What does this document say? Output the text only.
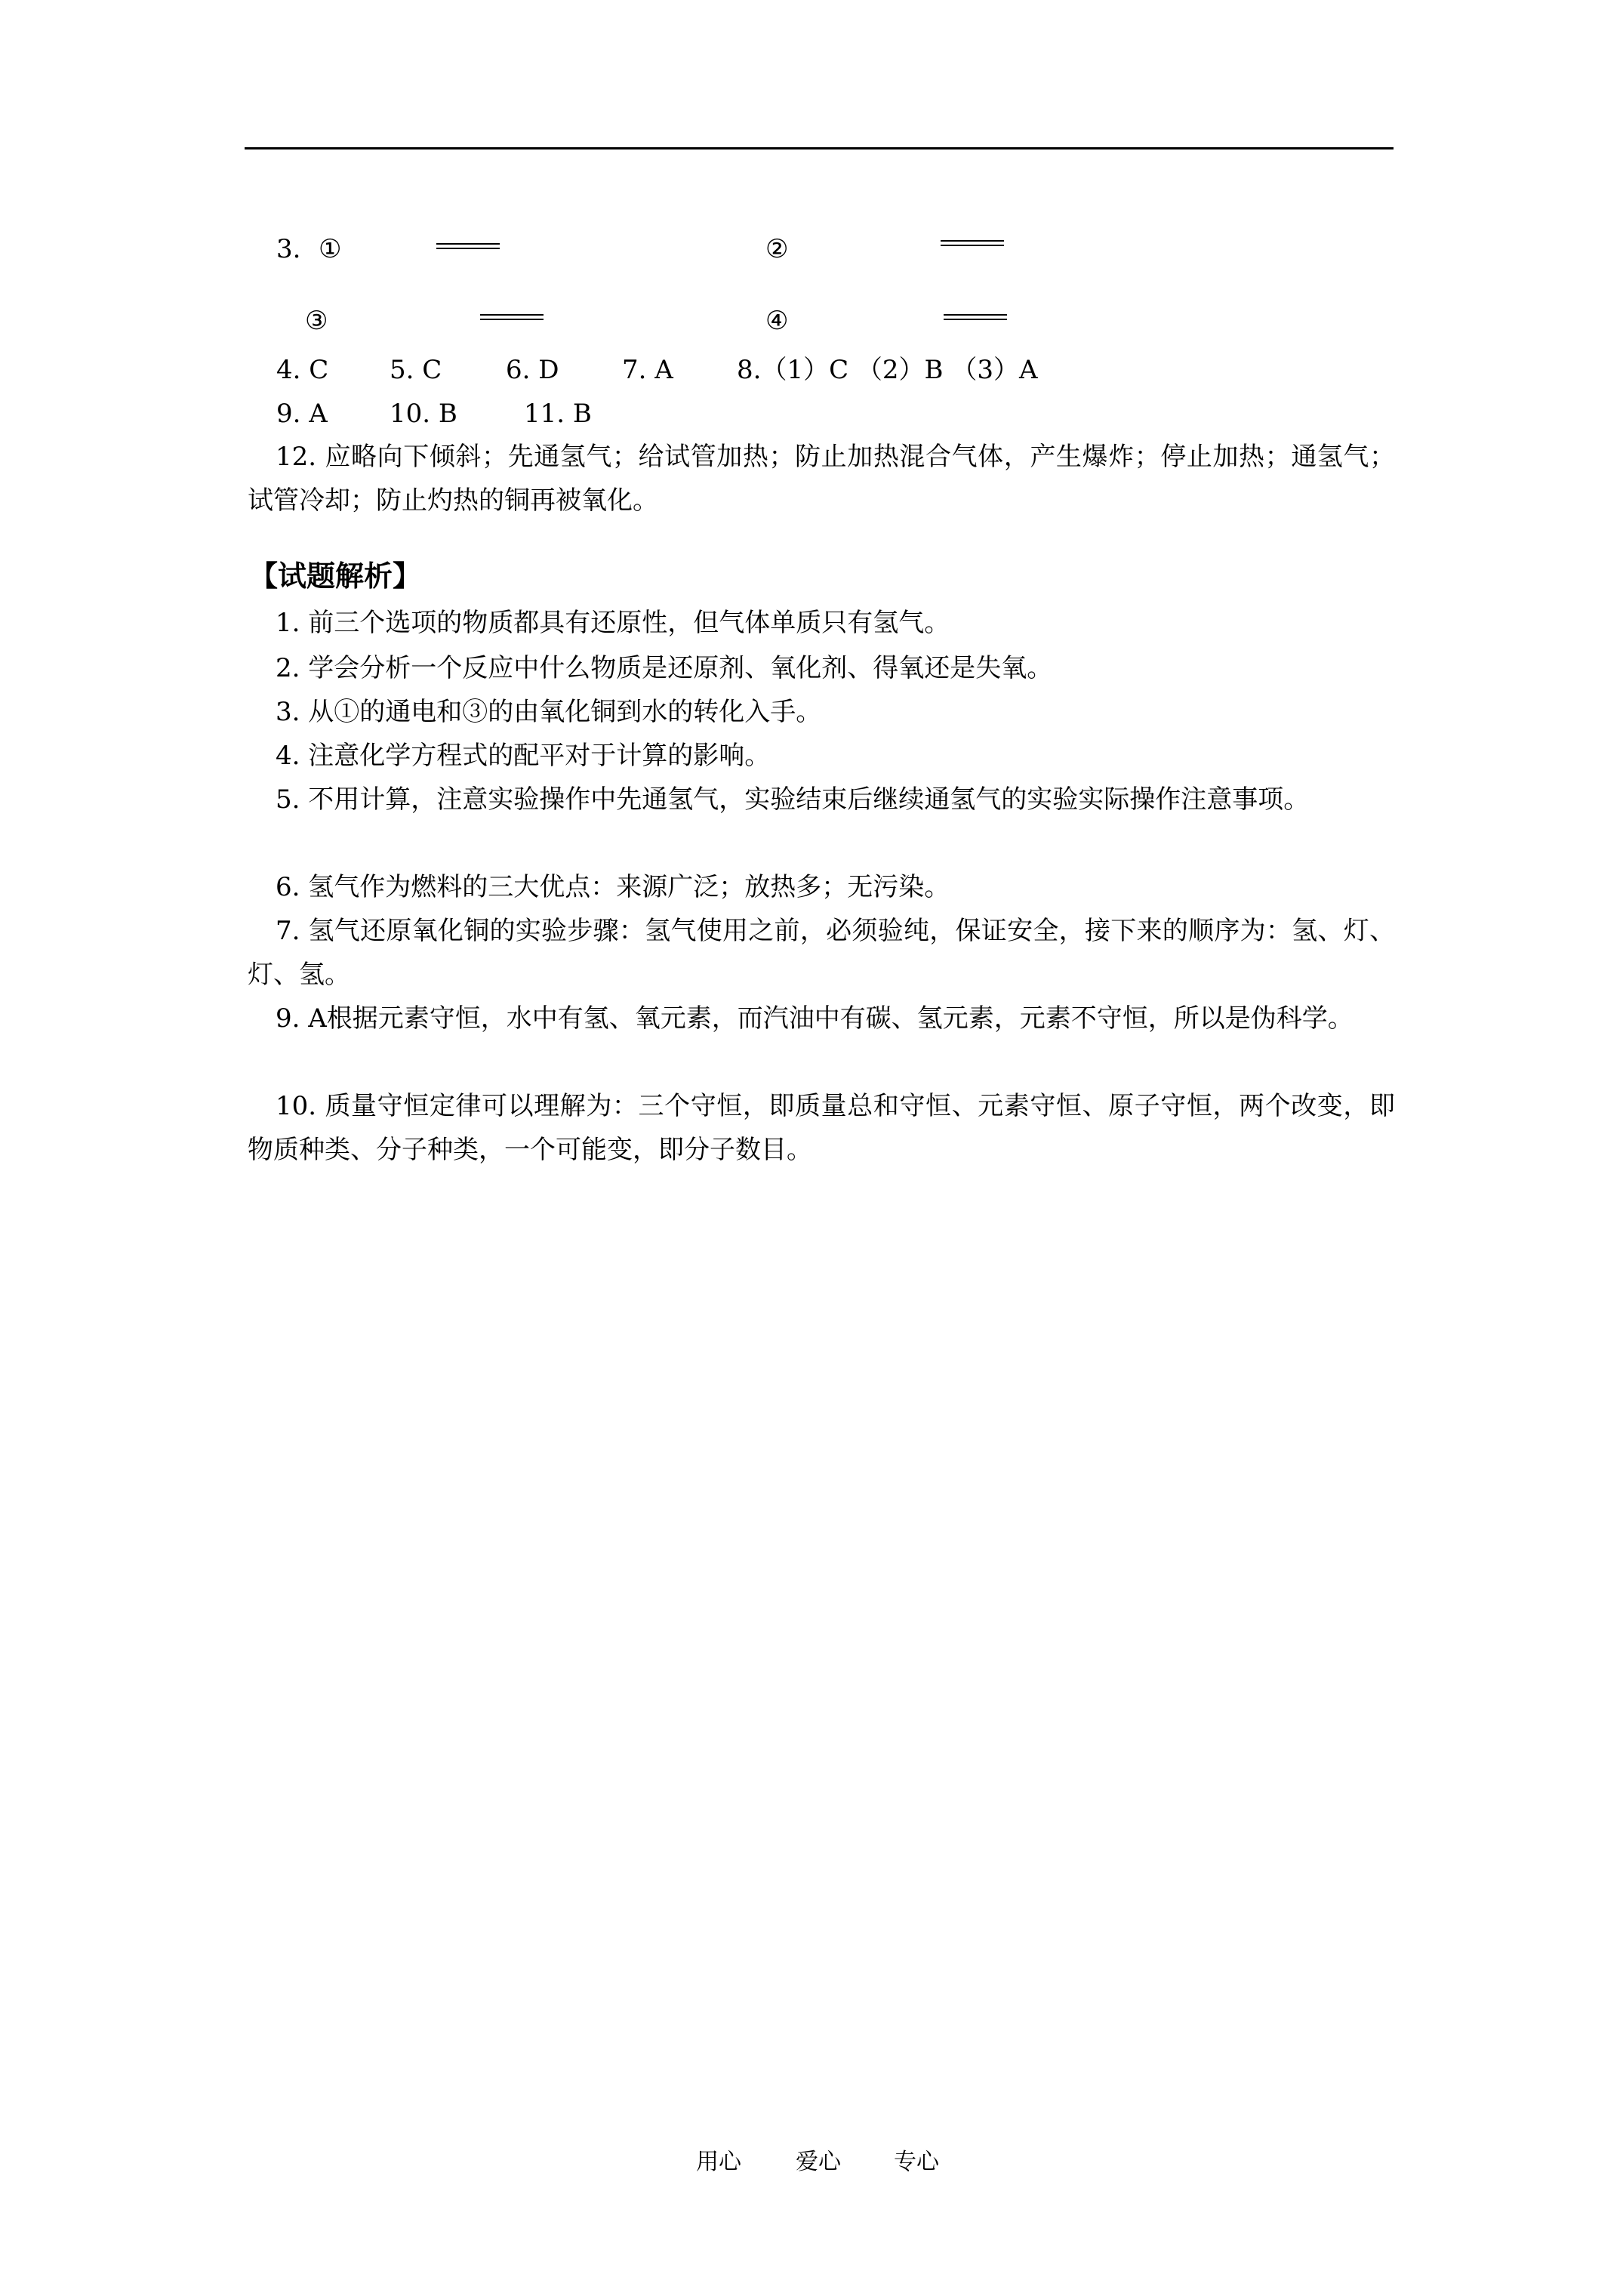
3. ①	②
③	④
4. C 5. C 6. D 7. A 8.（1）C （2）B （3）A
9. A 10. B	11. B
12. 应略向下倾斜；先通氢气；给试管加热；防止加热混合气体，产生爆炸；停止加热；通氢气；试管冷却；防止灼热的铜再被氧化。
【试题解析】
1. 前三个选项的物质都具有还原性，但气体单质只有氢气。
2. 学会分析一个反应中什么物质是还原剂、氧化剂、得氧还是失氧。
3. 从①的通电和③的由氧化铜到水的转化入手。
4. 注意化学方程式的配平对于计算的影响。
5. 不用计算，注意实验操作中先通氢气，实验结束后继续通氢气的实验实际操作注意事项。
6. 氢气作为燃料的三大优点：来源广泛；放热多；无污染。
7. 氢气还原氧化铜的实验步骤：氢气使用之前，必须验纯，保证安全，接下来的顺序为：氢、灯、灯、氢。
9. A根据元素守恒，水中有氢、氧元素，而汽油中有碳、氢元素，元素不守恒，所以是伪科学。
10. 质量守恒定律可以理解为：三个守恒，即质量总和守恒、元素守恒、原子守恒，两个改变，即物质种类、分子种类，一个可能变，即分子数目。
用心 爱心 专心
